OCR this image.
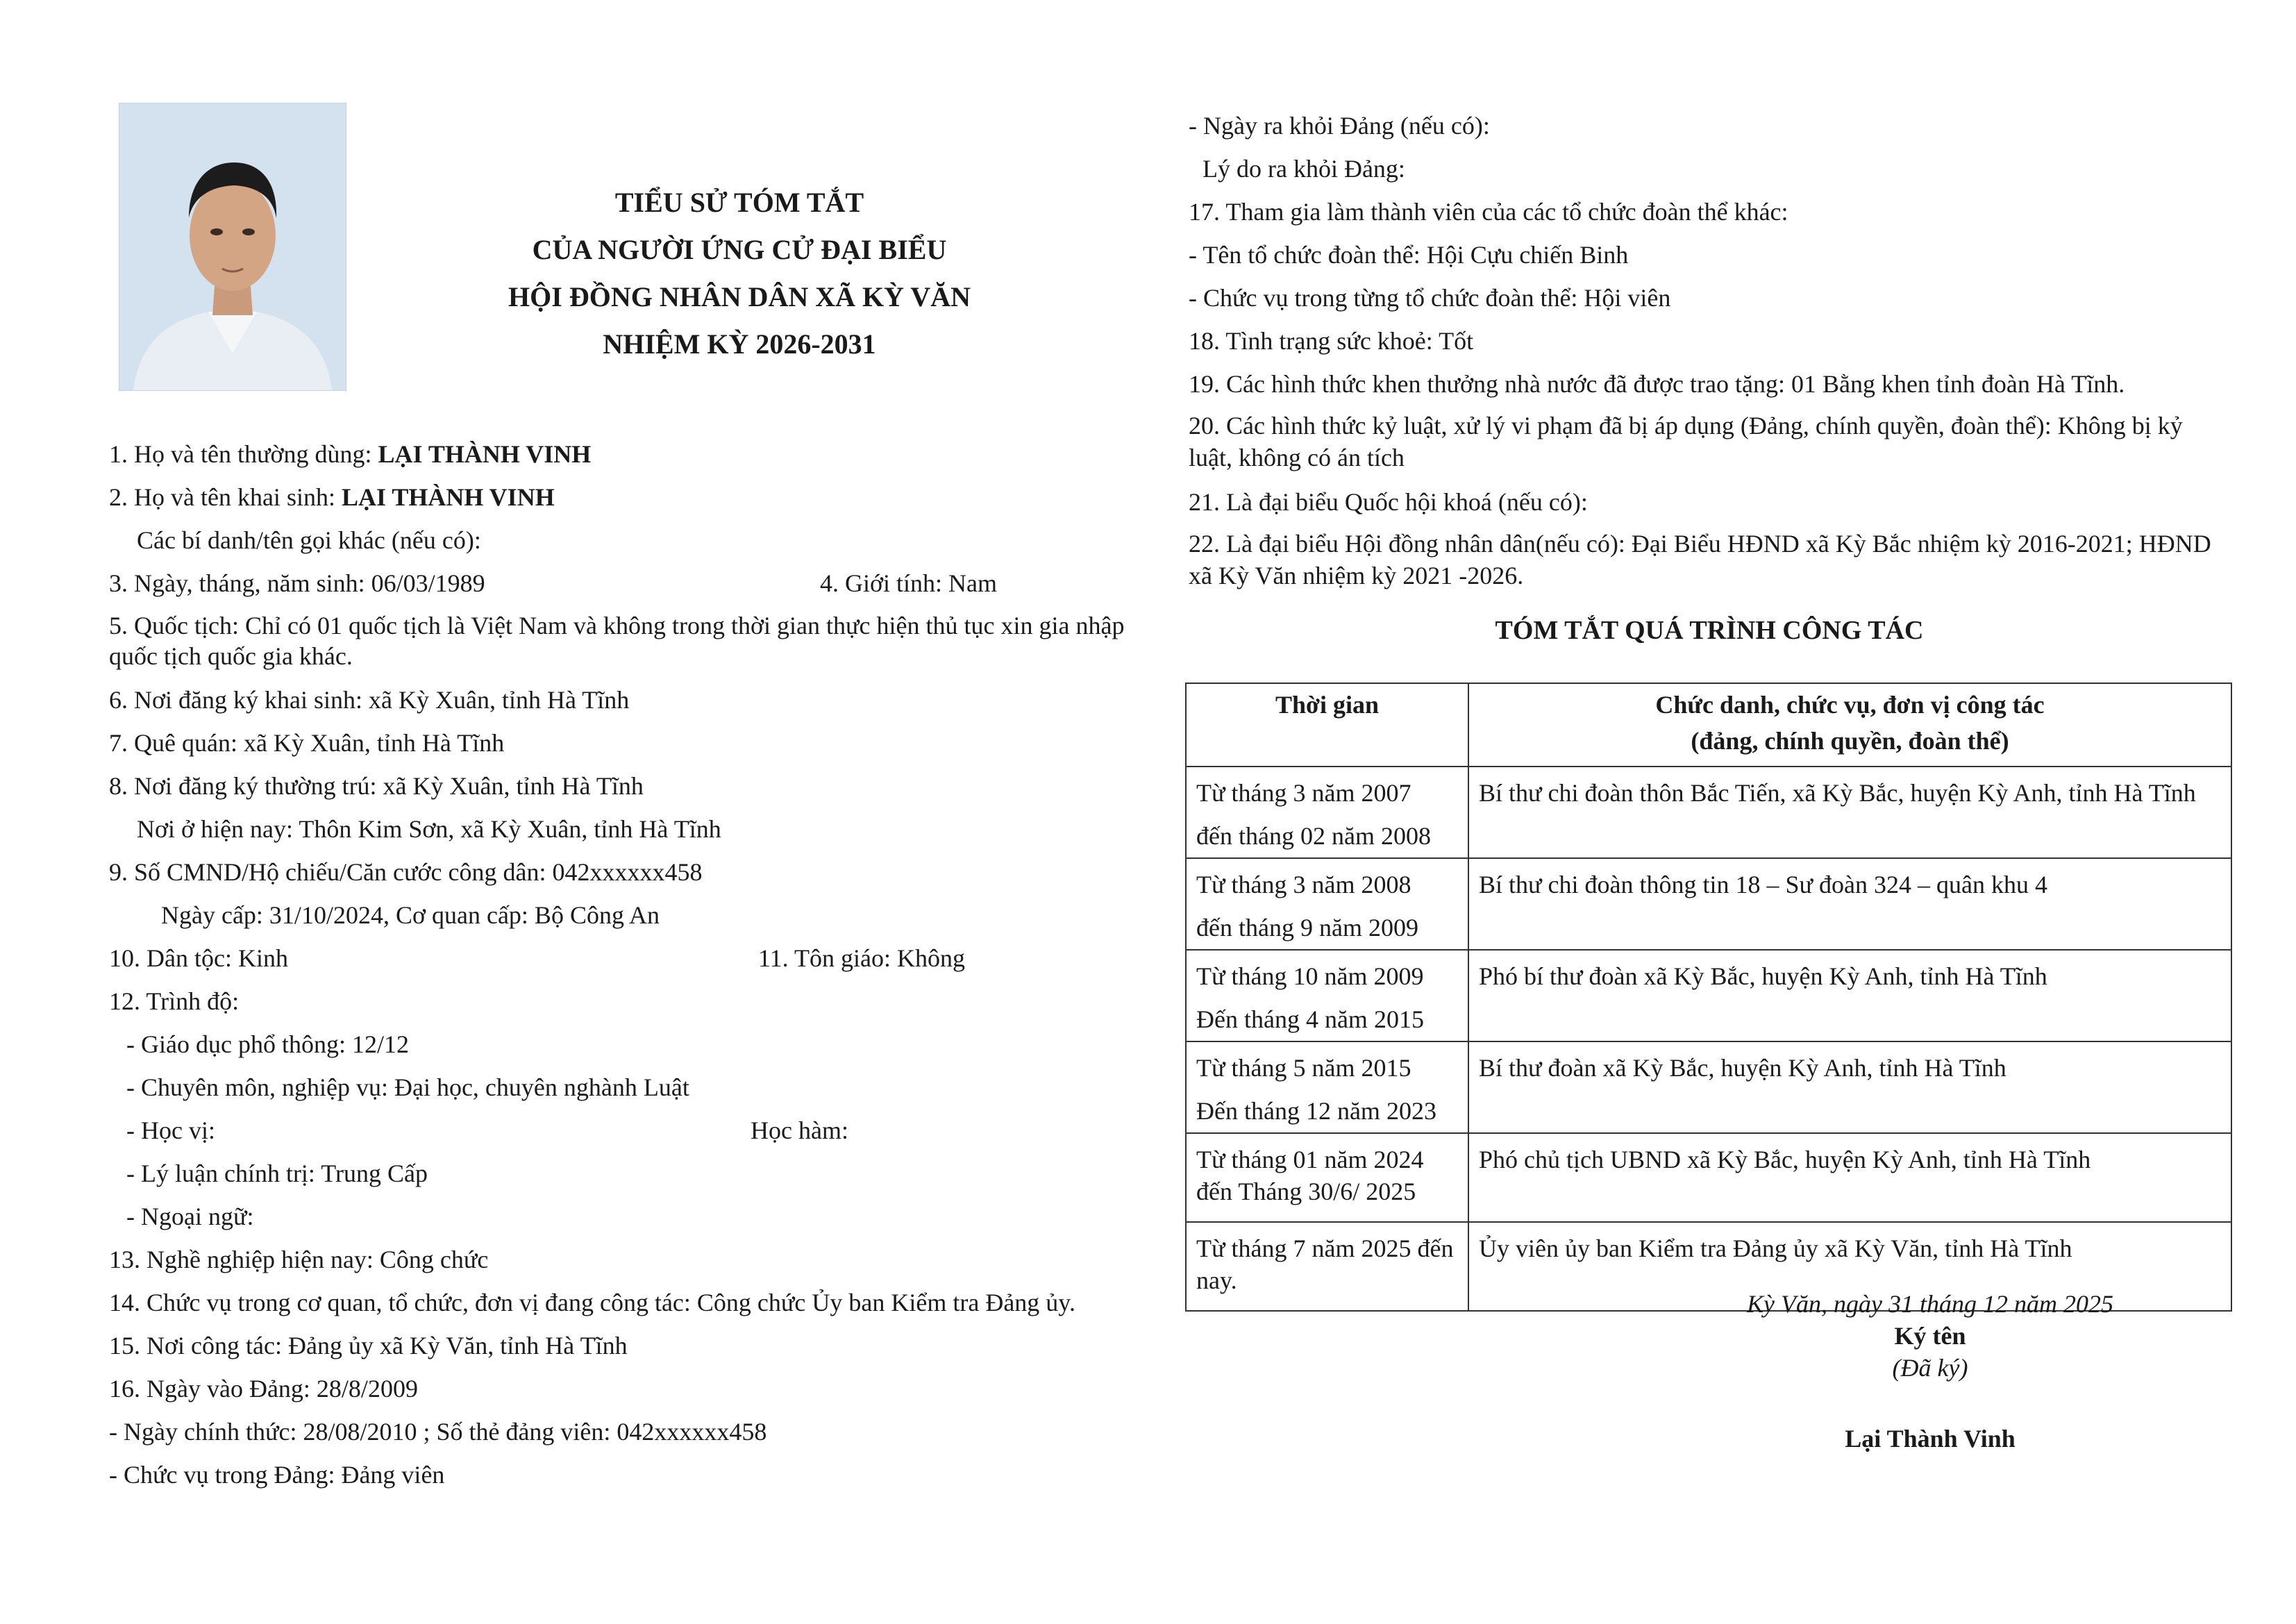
TIỂU SỬ TÓM TẮT
CỦA NGƯỜI ỨNG CỬ ĐẠI BIỂU
HỘI ĐỒNG NHÂN DÂN XÃ KỲ VĂN
NHIỆM KỲ 2026-2031
1. Họ và tên thường dùng: LẠI THÀNH VINH
2. Họ và tên khai sinh: LẠI THÀNH VINH
Các bí danh/tên gọi khác (nếu có):
3. Ngày, tháng, năm sinh: 06/03/1989	4. Giới tính: Nam
5. Quốc tịch: Chỉ có 01 quốc tịch là Việt Nam và không trong thời gian thực hiện thủ tục xin gia nhập quốc tịch quốc gia khác.
6. Nơi đăng ký khai sinh: xã Kỳ Xuân, tỉnh Hà Tĩnh
7. Quê quán: xã Kỳ Xuân, tỉnh Hà Tĩnh
8. Nơi đăng ký thường trú: xã Kỳ Xuân, tỉnh Hà Tĩnh
Nơi ở hiện nay: Thôn Kim Sơn, xã Kỳ Xuân, tỉnh Hà Tĩnh
9. Số CMND/Hộ chiếu/Căn cước công dân: 042xxxxxx458
Ngày cấp: 31/10/2024, Cơ quan cấp: Bộ Công An
10. Dân tộc: Kinh	11. Tôn giáo: Không
12. Trình độ:
- Giáo dục phổ thông: 12/12
- Chuyên môn, nghiệp vụ: Đại học, chuyên nghành Luật
- Học vị:	Học hàm:
- Lý luận chính trị: Trung Cấp
- Ngoại ngữ:
13. Nghề nghiệp hiện nay: Công chức
14. Chức vụ trong cơ quan, tổ chức, đơn vị đang công tác: Công chức Ủy ban Kiểm tra Đảng ủy.
15. Nơi công tác: Đảng ủy xã Kỳ Văn, tỉnh Hà Tĩnh
16. Ngày vào Đảng: 28/8/2009
- Ngày chính thức: 28/08/2010 ; Số thẻ đảng viên: 042xxxxxx458
- Chức vụ trong Đảng: Đảng viên
- Ngày ra khỏi Đảng (nếu có):
Lý do ra khỏi Đảng:
17. Tham gia làm thành viên của các tổ chức đoàn thể khác:
- Tên tổ chức đoàn thể: Hội Cựu chiến Binh
- Chức vụ trong từng tổ chức đoàn thể: Hội viên
18. Tình trạng sức khoẻ: Tốt
19. Các hình thức khen thưởng nhà nước đã được trao tặng: 01 Bằng khen tỉnh đoàn Hà Tĩnh.
20. Các hình thức kỷ luật, xử lý vi phạm đã bị áp dụng (Đảng, chính quyền, đoàn thể): Không bị kỷ luật, không có án tích
21. Là đại biểu Quốc hội khoá (nếu có):
22. Là đại biểu Hội đồng nhân dân(nếu có): Đại Biểu HĐND xã Kỳ Bắc nhiệm kỳ 2016-2021; HĐND xã Kỳ Văn nhiệm kỳ 2021 -2026.
TÓM TẮT QUÁ TRÌNH CÔNG TÁC
Thời gian	Chức danh, chức vụ, đơn vị công tác
(đảng, chính quyền, đoàn thể)

Từ tháng 3 năm 2007
đến tháng 02 năm 2008	Bí thư chi đoàn thôn Bắc Tiến, xã Kỳ Bắc, huyện Kỳ Anh, tỉnh Hà Tĩnh

Từ tháng 3 năm 2008
đến tháng 9 năm 2009	Bí thư chi đoàn thông tin 18 – Sư đoàn 324 – quân khu 4

Từ tháng 10 năm 2009
Đến tháng 4 năm 2015	Phó bí thư đoàn xã Kỳ Bắc, huyện Kỳ Anh, tỉnh Hà Tĩnh

Từ tháng 5 năm 2015
Đến tháng 12 năm 2023	Bí thư đoàn xã Kỳ Bắc, huyện Kỳ Anh, tỉnh Hà Tĩnh

Từ tháng 01 năm 2024
đến Tháng 30/6/ 2025	Phó chủ tịch UBND xã Kỳ Bắc, huyện Kỳ Anh, tỉnh Hà Tĩnh

Từ tháng 7 năm 2025 đến
nay.	Ủy viên ủy ban Kiểm tra Đảng ủy xã Kỳ Văn, tỉnh Hà Tĩnh
Kỳ Văn, ngày 31 tháng 12 năm 2025
Ký tên
(Đã ký)
Lại Thành Vinh
